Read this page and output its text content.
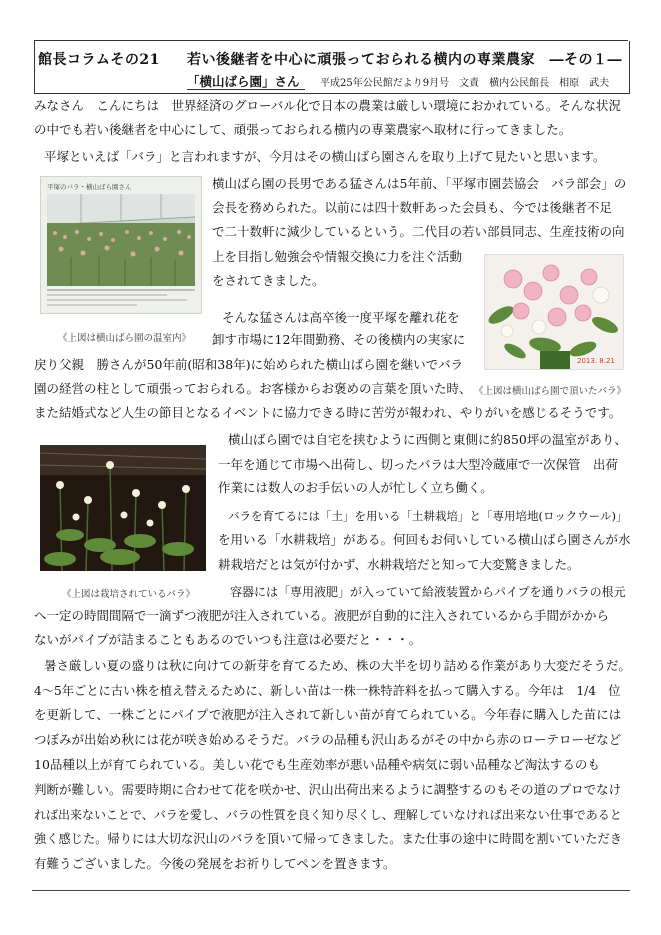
館長コラムその21 若い後継者を中心に頑張っておられる横内の専業農家　―その１―
「横山ばら園」さん 平成25年公民館だより9月号　文責　横内公民館長　相原　武夫
みなさん　こんにちは　世界経済のグローバル化で日本の農業は厳しい環境におかれている。そんな状況
の中でも若い後継者を中心にして、頑張っておられる横内の専業農家へ取材に行ってきました。
平塚といえば「バラ」と言われますが、今月はその横山ばら園さんを取り上げて見たいと思います。
平塚のバラ・横山ばら園さん
《上図は横山ばら園の温室内》
横山ばら園の長男である猛さんは5年前、「平塚市園芸協会　バラ部会」の
会長を務められた。以前には四十数軒あった会員も、今では後継者不足
で二十数軒に減少しているという。二代目の若い部員同志、生産技術の向
上を目指し勉強会や情報交換に力を注ぐ活動
をされてきました。
2013. 8.21
《上図は横山ばら園で頂いたバラ》
そんな猛さんは高卒後一度平塚を離れ花を
卸す市場に12年間勤務、その後横内の実家に
戻り父親　勝さんが50年前(昭和38年)に始められた横山ばら園を継いでバラ
園の経営の柱として頑張っておられる。お客様からお褒めの言葉を頂いた時、
また結婚式など人生の節目となるイベントに協力できる時に苦労が報われ、やりがいを感じるそうです。
《上図は栽培されているバラ》
横山ばら園では自宅を挟むように西側と東側に約850坪の温室があり、
一年を通じて市場へ出荷し、切ったバラは大型冷蔵庫で一次保管　出荷
作業には数人のお手伝いの人が忙しく立ち働く。
バラを育てるには「土」を用いる「土耕栽培」と「専用培地(ロックウール)」
を用いる「水耕栽培」がある。何回もお伺いしている横山ばら園さんが水
耕栽培だとは気が付かず、水耕栽培だと知って大変驚きました。
容器には「専用液肥」が入っていて給液装置からパイプを通りバラの根元
へ一定の時間間隔で一滴ずつ液肥が注入されている。液肥が自動的に注入されているから手間がかから
ないがパイプが詰まることもあるのでいつも注意は必要だと・・・。
暑さ厳しい夏の盛りは秋に向けての新芽を育てるため、株の大半を切り詰める作業があり大変だそうだ。
4～5年ごとに古い株を植え替えるために、新しい苗は一株一株特許料を払って購入する。今年は　1/4　位
を更新して、一株ごとにパイプで液肥が注入されて新しい苗が育てられている。今年春に購入した苗には
つぼみが出始め秋には花が咲き始めるそうだ。バラの品種も沢山あるがその中から赤のローテローゼなど
10品種以上が育てられている。美しい花でも生産効率が悪い品種や病気に弱い品種など淘汰するのも
判断が難しい。需要時期に合わせて花を咲かせ、沢山出荷出来るように調整するのもその道のプロでなけ
れば出来ないことで、バラを愛し、バラの性質を良く知り尽くし、理解していなければ出来ない仕事であると
強く感じた。帰りには大切な沢山のバラを頂いて帰ってきました。また仕事の途中に時間を割いていただき
有難うございました。今後の発展をお祈りしてペンを置きます。
